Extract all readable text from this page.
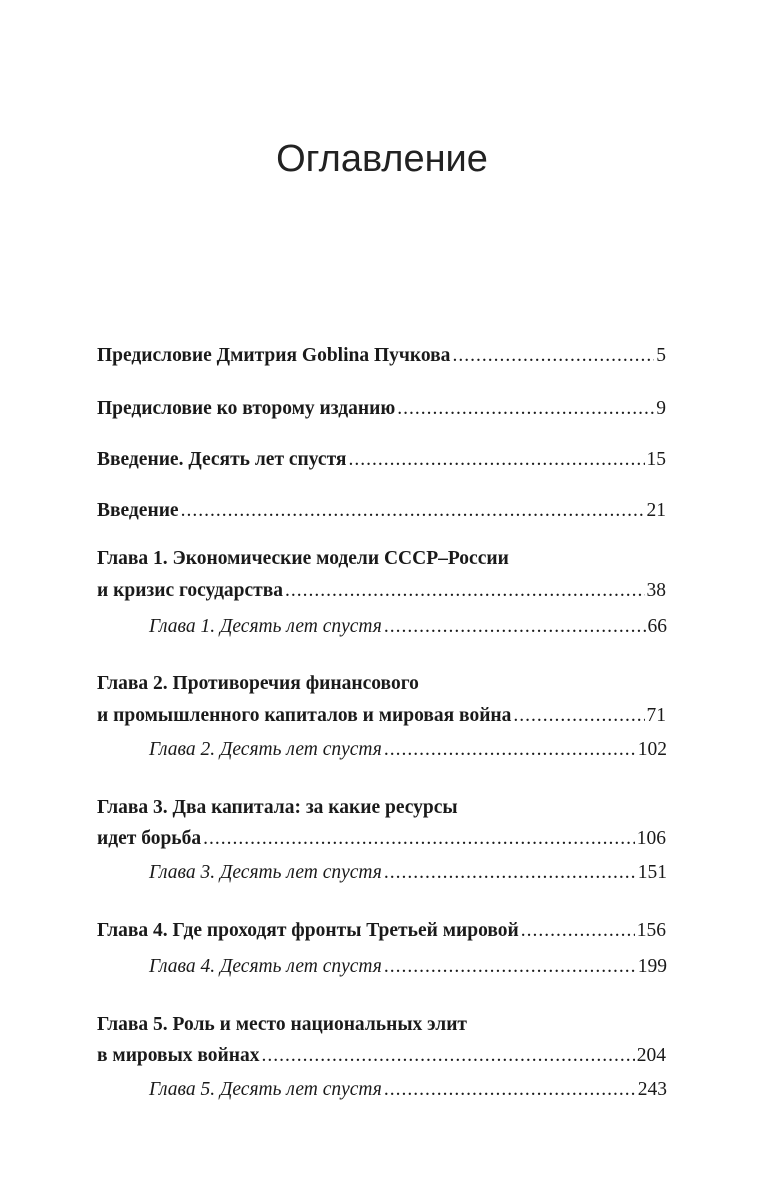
Оглавление
Предисловие Дмитрия Goblina Пучкова .....	5
Предисловие ко второму изданию .....	9
Введение. Десять лет спустя .....	15
Введение .....	21
Глава 1. Экономические модели СССР–России
и кризис государства .....	38
Глава 1. Десять лет спустя .....	66
Глава 2. Противоречия финансового
и промышленного капиталов и мировая война .....	71
Глава 2. Десять лет спустя .....	102
Глава 3. Два капитала: за какие ресурсы
идет борьба .....	106
Глава 3. Десять лет спустя .....	151
Глава 4. Где проходят фронты Третьей мировой .....	156
Глава 4. Десять лет спустя .....	199
Глава 5. Роль и место национальных элит
в мировых войнах .....	204
Глава 5. Десять лет спустя .....	243
